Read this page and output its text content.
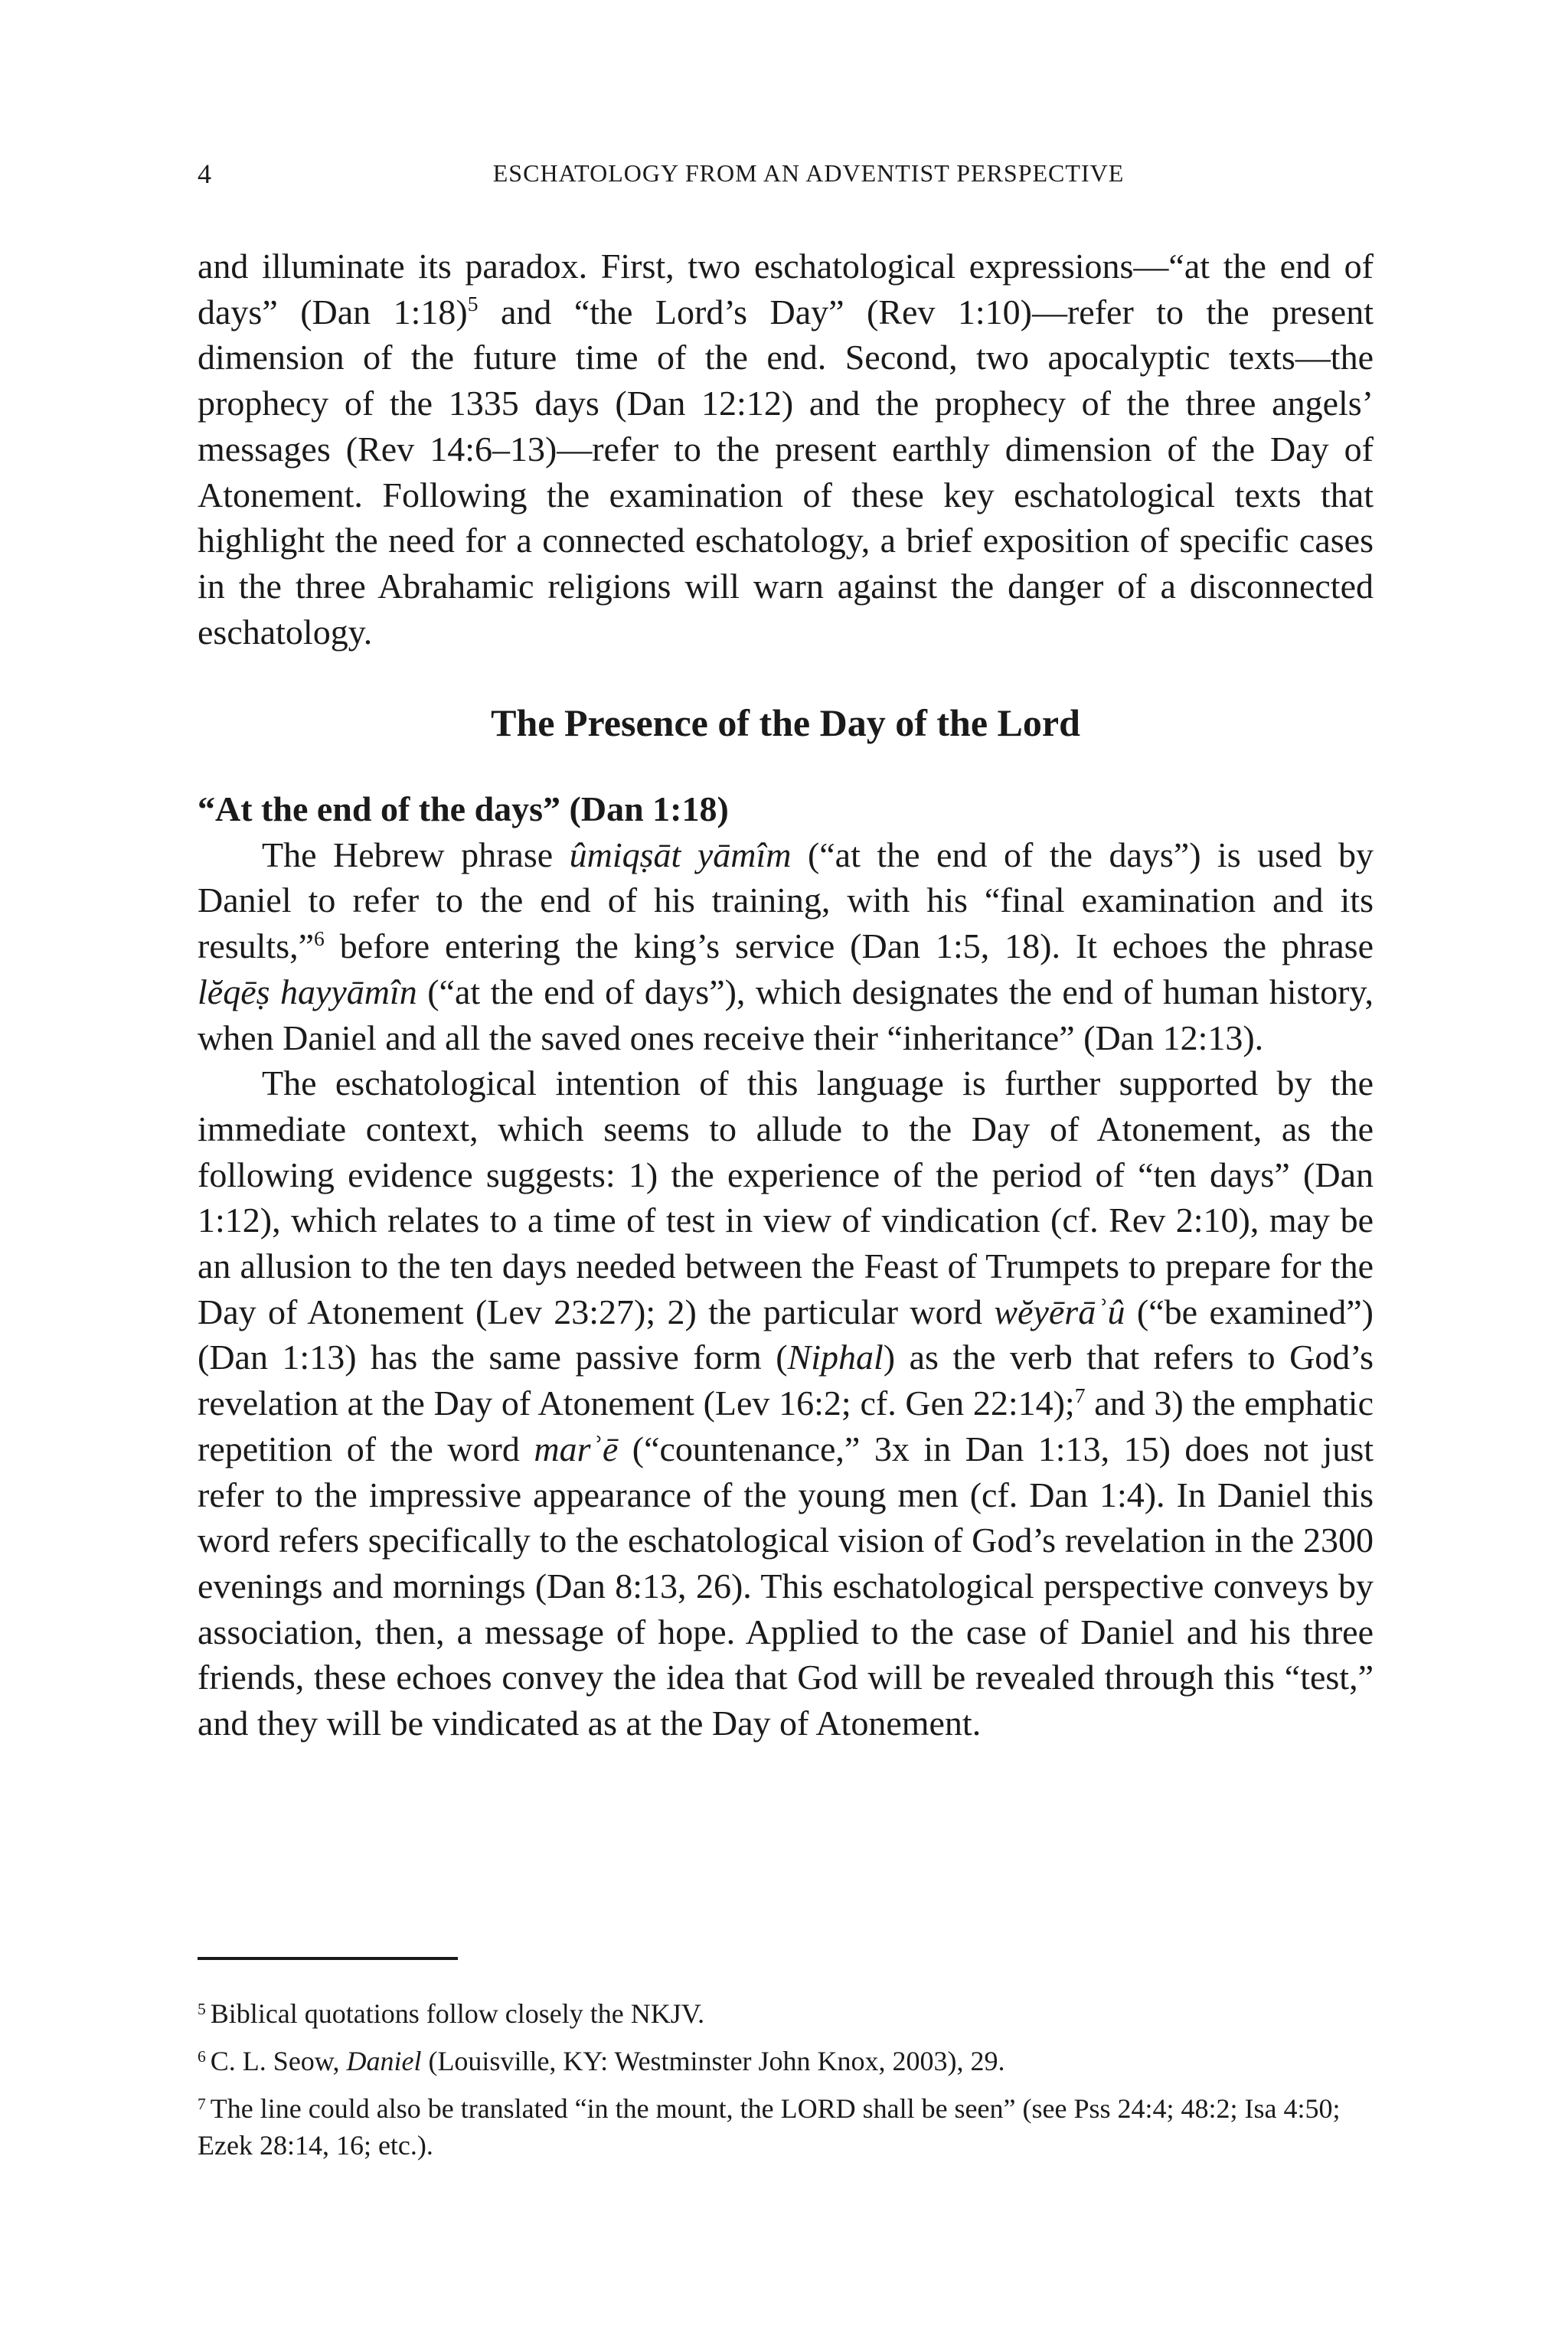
4	ESCHATOLOGY FROM AN ADVENTIST PERSPECTIVE

and illuminate its paradox. First, two eschatological expressions—“at the end of days” (Dan 1:18)$^5$ and “the Lord’s Day” (Rev 1:10)—refer to the present dimension of the future time of the end. Second, two apocalyptic texts—the prophecy of the 1335 days (Dan 12:12) and the prophecy of the three angels’ messages (Rev 14:6–13)—refer to the present earthly dimension of the Day of Atonement. Following the examination of these key eschatological texts that highlight the need for a connected eschatology, a brief exposition of specific cases in the three Abrahamic religions will warn against the danger of a disconnected eschatology.

The Presence of the Day of the Lord

“At the end of the days” (Dan 1:18)

The Hebrew phrase ûmiqṣāt yāmîm (“at the end of the days”) is used by Daniel to refer to the end of his training, with his “final examination and its results,”$^6$ before entering the king’s service (Dan 1:5, 18). It echoes the phrase lĕqēṣ hayyāmîn (“at the end of days”), which designates the end of human history, when Daniel and all the saved ones receive their “inheritance” (Dan 12:13).

The eschatological intention of this language is further supported by the immediate context, which seems to allude to the Day of Atonement, as the following evidence suggests: 1) the experience of the period of “ten days” (Dan 1:12), which relates to a time of test in view of vindication (cf. Rev 2:10), may be an allusion to the ten days needed between the Feast of Trumpets to prepare for the Day of Atonement (Lev 23:27); 2) the particular word wĕyērāʾû (“be examined”) (Dan 1:13) has the same passive form (Niphal) as the verb that refers to God’s revelation at the Day of Atonement (Lev 16:2; cf. Gen 22:14);$^7$ and 3) the emphatic repetition of the word marʾē (“countenance,” 3x in Dan 1:13, 15) does not just refer to the impressive appearance of the young men (cf. Dan 1:4). In Daniel this word refers specifically to the eschatological vision of God’s revelation in the 2300 evenings and mornings (Dan 8:13, 26). This eschatological perspective conveys by association, then, a message of hope. Applied to the case of Daniel and his three friends, these echoes convey the idea that God will be revealed through this “test,” and they will be vindicated as at the Day of Atonement.

$^5$ Biblical quotations follow closely the NKJV.

$^6$ C. L. Seow, Daniel (Louisville, KY: Westminster John Knox, 2003), 29.

$^7$ The line could also be translated “in the mount, the LORD shall be seen” (see Pss 24:4; 48:2; Isa 4:50; Ezek 28:14, 16; etc.).
